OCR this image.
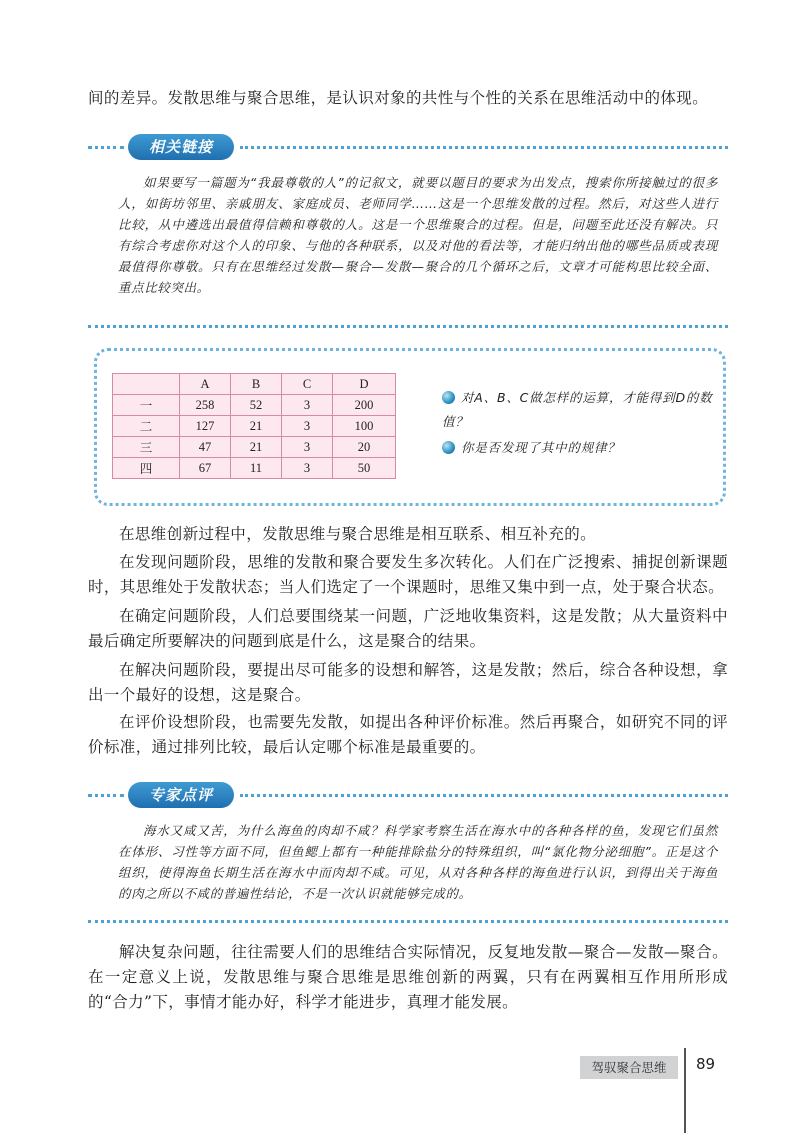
间的差异。发散思维与聚合思维，是认识对象的共性与个性的关系在思维活动中的体现。

相关链接

如果要写一篇题为“我最尊敬的人”的记叙文，就要以题目的要求为出发点，搜索你所接触过的很多人，如街坊邻里、亲戚朋友、家庭成员、老师同学……这是一个思维发散的过程。然后，对这些人进行比较，从中遴选出最值得信赖和尊敬的人。这是一个思维聚合的过程。但是，问题至此还没有解决。只有综合考虑你对这个人的印象、与他的各种联系，以及对他的看法等，才能归纳出他的哪些品质或表现最值得你尊敬。只有在思维经过发散—聚合—发散—聚合的几个循环之后，文章才可能构思比较全面、重点比较突出。

	A	B	C	D
一	258	52	3	200
二	127	21	3	100
三	47	21	3	20
四	67	11	3	50
对A、B、C做怎样的运算，才能得到D的数值？
你是否发现了其中的规律？

在思维创新过程中，发散思维与聚合思维是相互联系、相互补充的。

在发现问题阶段，思维的发散和聚合要发生多次转化。人们在广泛搜索、捕捉创新课题时，其思维处于发散状态；当人们选定了一个课题时，思维又集中到一点，处于聚合状态。

在确定问题阶段，人们总要围绕某一问题，广泛地收集资料，这是发散；从大量资料中最后确定所要解决的问题到底是什么，这是聚合的结果。

在解决问题阶段，要提出尽可能多的设想和解答，这是发散；然后，综合各种设想，拿出一个最好的设想，这是聚合。

在评价设想阶段，也需要先发散，如提出各种评价标准。然后再聚合，如研究不同的评价标准，通过排列比较，最后认定哪个标准是最重要的。

专家点评

海水又咸又苦，为什么海鱼的肉却不咸？科学家考察生活在海水中的各种各样的鱼，发现它们虽然在体形、习性等方面不同，但鱼鳃上都有一种能排除盐分的特殊组织，叫“氯化物分泌细胞”。正是这个组织，使得海鱼长期生活在海水中而肉却不咸。可见，从对各种各样的海鱼进行认识，到得出关于海鱼的肉之所以不咸的普遍性结论，不是一次认识就能够完成的。

解决复杂问题，往往需要人们的思维结合实际情况，反复地发散—聚合—发散—聚合。在一定意义上说，发散思维与聚合思维是思维创新的两翼，只有在两翼相互作用所形成的“合力”下，事情才能办好，科学才能进步，真理才能发展。

驾驭聚合思维	89
